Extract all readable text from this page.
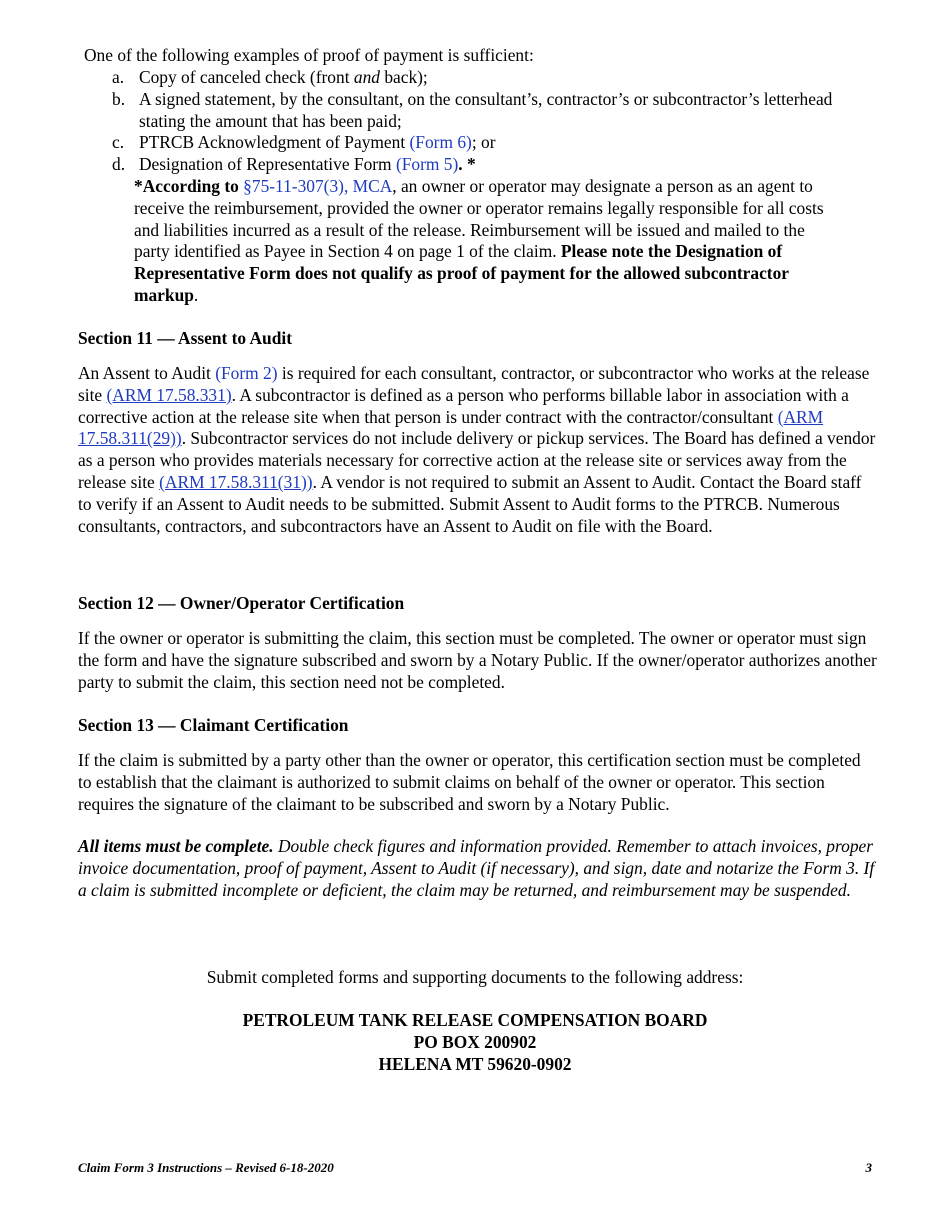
One of the following examples of proof of payment is sufficient:

a. Copy of canceled check (front and back);
b. A signed statement, by the consultant, on the consultant’s, contractor’s or subcontractor’s letterhead stating the amount that has been paid;
c. PTRCB Acknowledgment of Payment (Form 6); or
d. Designation of Representative Form (Form 5). *

*According to §75-11-307(3), MCA, an owner or operator may designate a person as an agent to receive the reimbursement, provided the owner or operator remains legally responsible for all costs and liabilities incurred as a result of the release. Reimbursement will be issued and mailed to the party identified as Payee in Section 4 on page 1 of the claim. Please note the Designation of Representative Form does not qualify as proof of payment for the allowed subcontractor markup.

Section 11 — Assent to Audit

An Assent to Audit (Form 2) is required for each consultant, contractor, or subcontractor who works at the release site (ARM 17.58.331). A subcontractor is defined as a person who performs billable labor in association with a corrective action at the release site when that person is under contract with the contractor/consultant (ARM 17.58.311(29)). Subcontractor services do not include delivery or pickup services. The Board has defined a vendor as a person who provides materials necessary for corrective action at the release site or services away from the release site (ARM 17.58.311(31)). A vendor is not required to submit an Assent to Audit. Contact the Board staff to verify if an Assent to Audit needs to be submitted. Submit Assent to Audit forms to the PTRCB. Numerous consultants, contractors, and subcontractors have an Assent to Audit on file with the Board.

Section 12 — Owner/Operator Certification

If the owner or operator is submitting the claim, this section must be completed. The owner or operator must sign the form and have the signature subscribed and sworn by a Notary Public. If the owner/operator authorizes another party to submit the claim, this section need not be completed.

Section 13 — Claimant Certification

If the claim is submitted by a party other than the owner or operator, this certification section must be completed to establish that the claimant is authorized to submit claims on behalf of the owner or operator. This section requires the signature of the claimant to be subscribed and sworn by a Notary Public.

All items must be complete. Double check figures and information provided. Remember to attach invoices, proper invoice documentation, proof of payment, Assent to Audit (if necessary), and sign, date and notarize the Form 3. If a claim is submitted incomplete or deficient, the claim may be returned, and reimbursement may be suspended.

Submit completed forms and supporting documents to the following address:

PETROLEUM TANK RELEASE COMPENSATION BOARD
PO BOX 200902
HELENA MT 59620-0902
Claim Form 3 Instructions – Revised 6-18-2020	3
